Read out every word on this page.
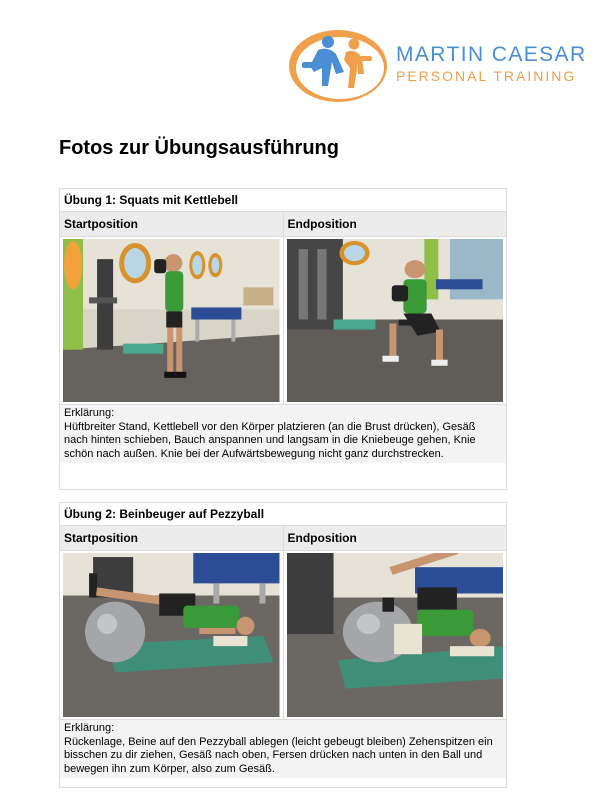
MARTIN CAESAR
PERSONAL TRAINING
Fotos zur Übungsausführung
Übung 1: Squats mit Kettlebell
Startposition	Endposition
Erklärung:
Hüftbreiter Stand, Kettlebell vor den Körper platzieren (an die Brust drücken), Gesäß nach hinten schieben, Bauch anspannen und langsam in die Kniebeuge gehen, Knie schön nach außen. Knie bei der Aufwärtsbewegung nicht ganz durchstrecken.
Übung 2: Beinbeuger auf Pezzyball
Startposition	Endposition
Erklärung:
Rückenlage, Beine auf den Pezzyball ablegen (leicht gebeugt bleiben) Zehenspitzen ein bisschen zu dir ziehen, Gesäß nach oben, Fersen drücken nach unten in den Ball und bewegen ihn zum Körper, also zum Gesäß.
